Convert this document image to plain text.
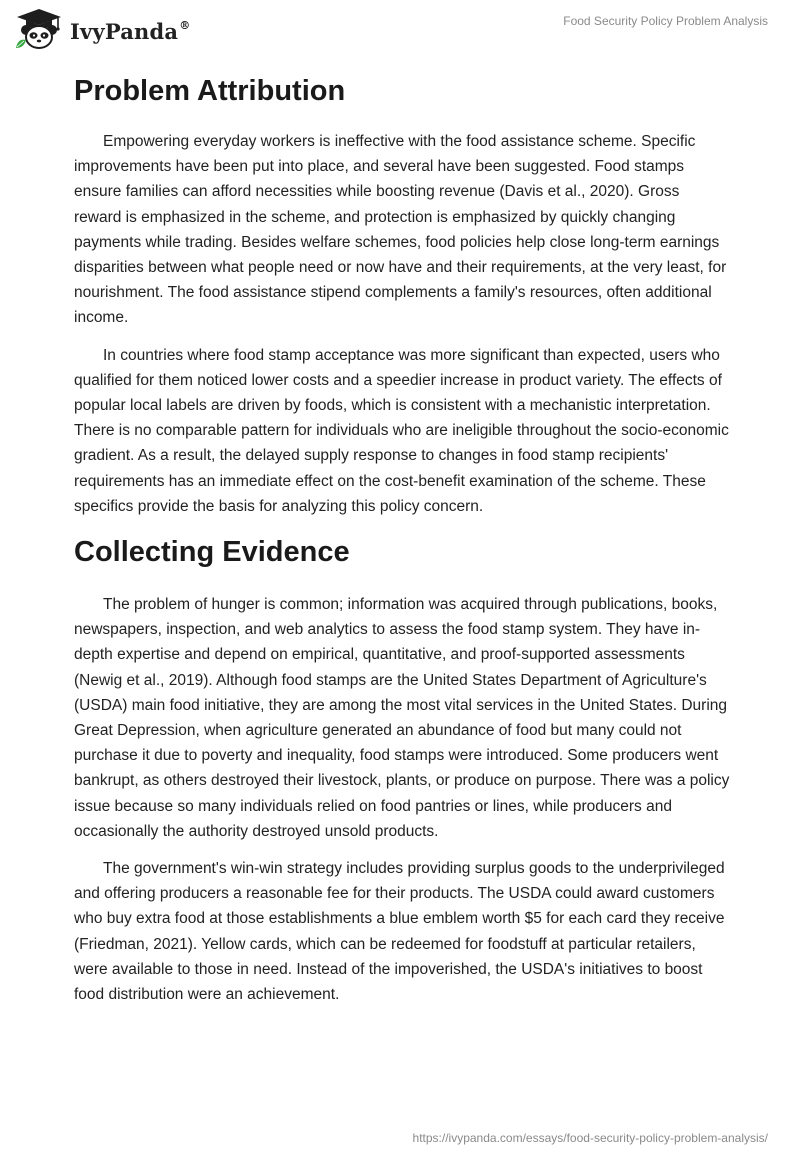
IvyPanda®	Food Security Policy Problem Analysis
Problem Attribution

Empowering everyday workers is ineffective with the food assistance scheme. Specific improvements have been put into place, and several have been suggested. Food stamps ensure families can afford necessities while boosting revenue (Davis et al., 2020). Gross reward is emphasized in the scheme, and protection is emphasized by quickly changing payments while trading. Besides welfare schemes, food policies help close long-term earnings disparities between what people need or now have and their requirements, at the very least, for nourishment. The food assistance stipend complements a family's resources, often additional income.

In countries where food stamp acceptance was more significant than expected, users who qualified for them noticed lower costs and a speedier increase in product variety. The effects of popular local labels are driven by foods, which is consistent with a mechanistic interpretation. There is no comparable pattern for individuals who are ineligible throughout the socio-economic gradient. As a result, the delayed supply response to changes in food stamp recipients' requirements has an immediate effect on the cost-benefit examination of the scheme. These specifics provide the basis for analyzing this policy concern.

Collecting Evidence

The problem of hunger is common; information was acquired through publications, books, newspapers, inspection, and web analytics to assess the food stamp system. They have in-depth expertise and depend on empirical, quantitative, and proof-supported assessments (Newig et al., 2019). Although food stamps are the United States Department of Agriculture's (USDA) main food initiative, they are among the most vital services in the United States. During Great Depression, when agriculture generated an abundance of food but many could not purchase it due to poverty and inequality, food stamps were introduced. Some producers went bankrupt, as others destroyed their livestock, plants, or produce on purpose. There was a policy issue because so many individuals relied on food pantries or lines, while producers and occasionally the authority destroyed unsold products.

The government's win-win strategy includes providing surplus goods to the underprivileged and offering producers a reasonable fee for their products. The USDA could award customers who buy extra food at those establishments a blue emblem worth $5 for each card they receive (Friedman, 2021). Yellow cards, which can be redeemed for foodstuff at particular retailers, were available to those in need. Instead of the impoverished, the USDA's initiatives to boost food distribution were an achievement.

https://ivypanda.com/essays/food-security-policy-problem-analysis/
